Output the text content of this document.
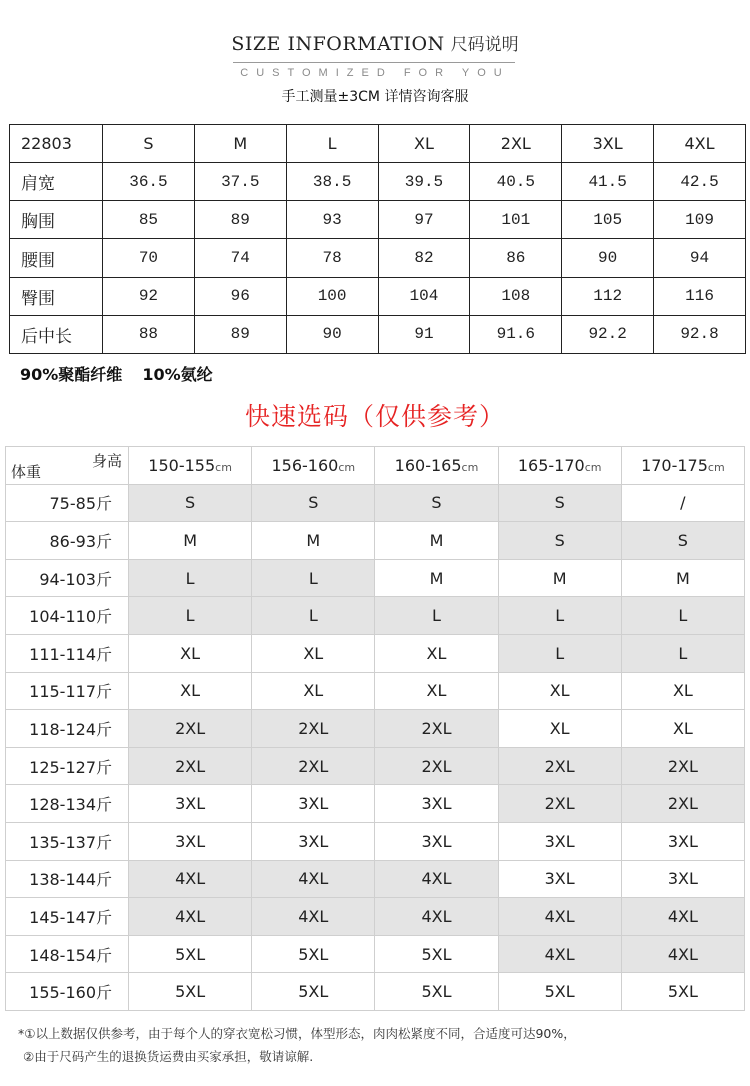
SIZE INFORMATION 尺码说明
CUSTOMIZED FOR YOU
手工测量±3CM 详情咨询客服
22803	S	M	L	XL	2XL	3XL	4XL
肩宽	36.5	37.5	38.5	39.5	40.5	41.5	42.5
胸围	85	89	93	97	101	105	109
腰围	70	74	78	82	86	90	94
臀围	92	96	100	104	108	112	116
后中长	88	89	90	91	91.6	92.2	92.8
90%聚酯纤维 10%氨纶
快速选码（仅供参考）
身高
体重	150-155cm	156-160cm	160-165cm	165-170cm	170-175cm
75-85斤	S	S	S	S	/
86-93斤	M	M	M	S	S
94-103斤	L	L	M	M	M
104-110斤	L	L	L	L	L
111-114斤	XL	XL	XL	L	L
115-117斤	XL	XL	XL	XL	XL
118-124斤	2XL	2XL	2XL	XL	XL
125-127斤	2XL	2XL	2XL	2XL	2XL
128-134斤	3XL	3XL	3XL	2XL	2XL
135-137斤	3XL	3XL	3XL	3XL	3XL
138-144斤	4XL	4XL	4XL	3XL	3XL
145-147斤	4XL	4XL	4XL	4XL	4XL
148-154斤	5XL	5XL	5XL	4XL	4XL
155-160斤	5XL	5XL	5XL	5XL	5XL
*①以上数据仅供参考，由于每个人的穿衣宽松习惯，体型形态，肉肉松紧度不同，合适度可达90%，
②由于尺码产生的退换货运费由买家承担，敬请谅解.
